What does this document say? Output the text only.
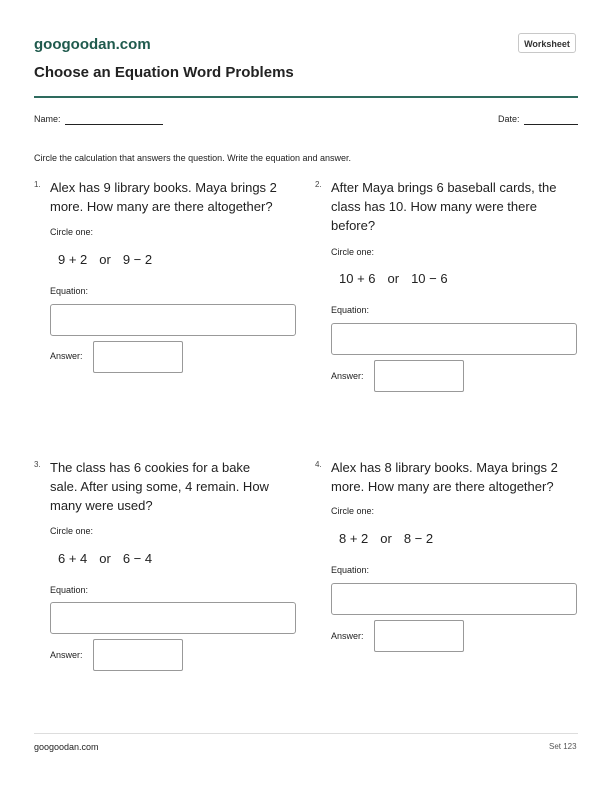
googoodan.com	Worksheet
Choose an Equation Word Problems
Name:	Date:
Circle the calculation that answers the question. Write the equation and answer.
1. Alex has 9 library books. Maya brings 2 more. How many are there altogether?
Circle one:
9 + 2 or 9 − 2
Equation:
Answer:
2. After Maya brings 6 baseball cards, the class has 10. How many were there before?
Circle one:
10 + 6 or 10 − 6
Equation:
Answer:
3. The class has 6 cookies for a bake sale. After using some, 4 remain. How many were used?
Circle one:
6 + 4 or 6 − 4
Equation:
Answer:
4. Alex has 8 library books. Maya brings 2 more. How many are there altogether?
Circle one:
8 + 2 or 8 − 2
Equation:
Answer:
googoodan.com	Set 123
